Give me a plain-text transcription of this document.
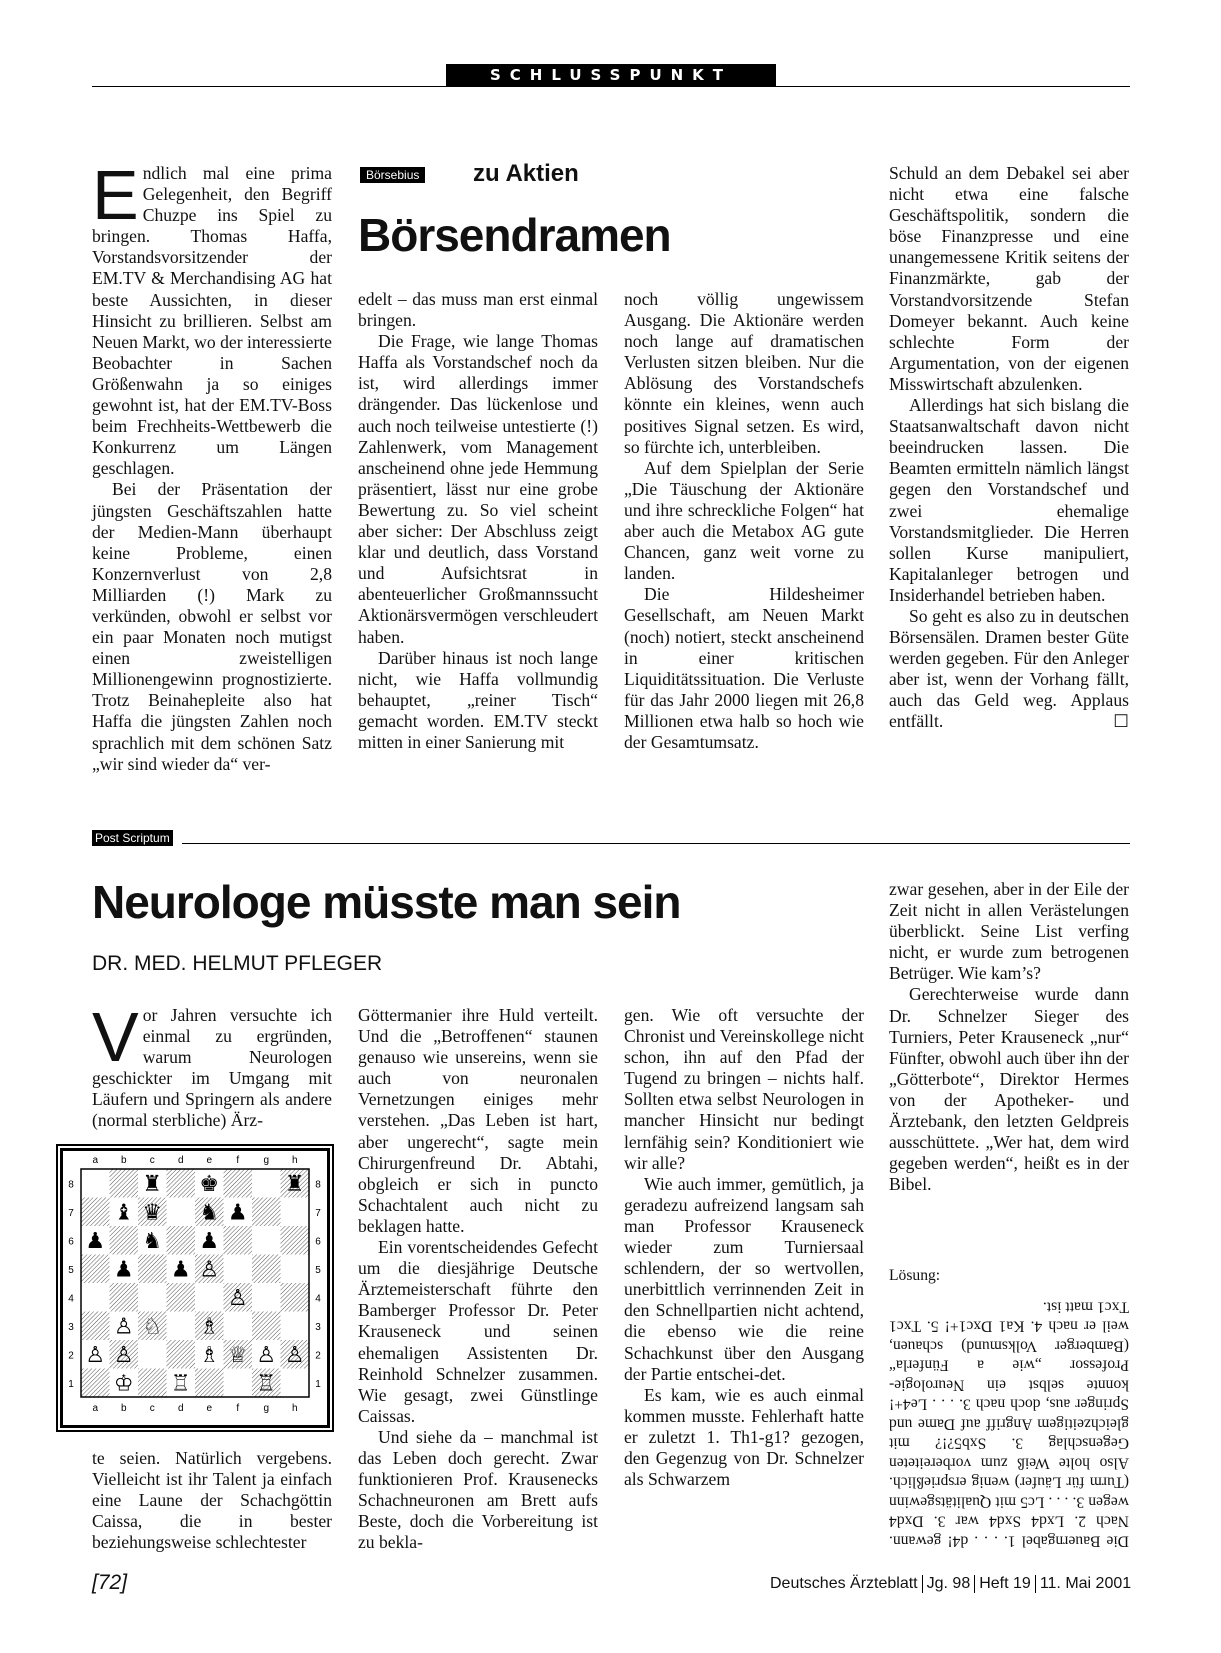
SCHLUSSPUNKT
E ndlich mal eine prima Gelegenheit, den Begriff Chuzpe ins Spiel zu bringen. Thomas Haffa, Vorstandsvorsitzender der EM.TV & Merchandising AG hat beste Aussichten, in dieser Hinsicht zu brillieren. Selbst am Neuen Markt, wo der interessierte Beobachter in Sachen Größenwahn ja so einiges gewohnt ist, hat der EM.TV-Boss beim Frechheits-Wettbewerb die Konkurrenz um Längen geschlagen.

Bei der Präsentation der jüngsten Geschäftszahlen hatte der Medien-Mann überhaupt keine Probleme, einen Konzernverlust von 2,8 Milliarden (!) Mark zu verkünden, obwohl er selbst vor ein paar Monaten noch mutigst einen zweistelligen Millionengewinn prognostizierte. Trotz Beinahepleite also hat Haffa die jüngsten Zahlen noch sprachlich mit dem schönen Satz „wir sind wieder da“ ver-

Börsebius zu Aktien
Börsendramen

edelt – das muss man erst einmal bringen.

Die Frage, wie lange Thomas Haffa als Vorstandschef noch da ist, wird allerdings immer drängender. Das lückenlose und auch noch teilweise untestierte (!) Zahlenwerk, vom Management anscheinend ohne jede Hemmung präsentiert, lässt nur eine grobe Bewertung zu. So viel scheint aber sicher: Der Abschluss zeigt klar und deutlich, dass Vorstand und Aufsichtsrat in abenteuerlicher Großmannssucht Aktionärsvermögen verschleudert haben.

Darüber hinaus ist noch lange nicht, wie Haffa vollmundig behauptet, „reiner Tisch“ gemacht worden. EM.TV steckt mitten in einer Sanierung mit

noch völlig ungewissem Ausgang. Die Aktionäre werden noch lange auf dramatischen Verlusten sitzen bleiben. Nur die Ablösung des Vorstandschefs könnte ein kleines, wenn auch positives Signal setzen. Es wird, so fürchte ich, unterbleiben.

Auf dem Spielplan der Serie „Die Täuschung der Aktionäre und ihre schreckliche Folgen“ hat aber auch die Metabox AG gute Chancen, ganz weit vorne zu landen.

Die Hildesheimer Gesellschaft, am Neuen Markt (noch) notiert, steckt anscheinend in einer kritischen Liquiditätssituation. Die Verluste für das Jahr 2000 liegen mit 26,8 Millionen etwa halb so hoch wie der Gesamtumsatz.

Schuld an dem Debakel sei aber nicht etwa eine falsche Geschäftspolitik, sondern die böse Finanzpresse und eine unangemessene Kritik seitens der Finanzmärkte, gab der Vorstandvorsitzende Stefan Domeyer bekannt. Auch keine schlechte Form der Argumentation, von der eigenen Misswirtschaft abzulenken.

Allerdings hat sich bislang die Staatsanwaltschaft davon nicht beeindrucken lassen. Die Beamten ermitteln nämlich längst gegen den Vorstandschef und zwei ehemalige Vorstandsmitglieder. Die Herren sollen Kurse manipuliert, Kapitalanleger betrogen und Insiderhandel betrieben haben.

So geht es also zu in deutschen Börsensälen. Dramen bester Güte werden gegeben. Für den Anleger aber ist, wenn der Vorhang fällt, auch das Geld weg. Applaus entfällt.	☐

Post Scriptum
Neurologe müsste man sein
DR. MED. HELMUT PFLEGER
V or Jahren versuchte ich einmal zu ergründen, warum Neurologen geschickter im Umgang mit Läufern und Springern als andere (normal sterbliche) Ärz-

♜ ♚	♜
♝ ♛ ♞ ♟
♟ ♞ ♟
♟ ♟ ♙
♙
♙ ♘ ♗
♙ ♙	♗ ♕ ♙ ♙
♔ ♖	♖
a
a
b
b
c
c
d
d
e
e
f
f
g
g
h
h
8	8
7	7
6	6
5	5
4	4
3	3
2	2
1	1

te seien. Natürlich vergebens. Vielleicht ist ihr Talent ja einfach eine Laune der Schachgöttin Caissa, die in bester beziehungsweise schlechtester

Göttermanier ihre Huld verteilt. Und die „Betroffenen“ staunen genauso wie unsereins, wenn sie auch von neuronalen Vernetzungen einiges mehr verstehen. „Das Leben ist hart, aber ungerecht“, sagte mein Chirurgenfreund Dr. Abtahi, obgleich er sich in puncto Schachtalent auch nicht zu beklagen hatte.

Ein vorentscheidendes Gefecht um die diesjährige Deutsche Ärztemeisterschaft führte den Bamberger Professor Dr. Peter Krauseneck und seinen ehemaligen Assistenten Dr. Reinhold Schnelzer zusammen. Wie gesagt, zwei Günstlinge Caissas.

Und siehe da – manchmal ist das Leben doch gerecht. Zwar funktionieren Prof. Krausenecks Schachneuronen am Brett aufs Beste, doch die Vorbereitung ist zu bekla-

gen. Wie oft versuchte der Chronist und Vereinskollege nicht schon, ihn auf den Pfad der Tugend zu bringen – nichts half. Sollten etwa selbst Neurologen in mancher Hinsicht nur bedingt lernfähig sein? Konditioniert wie wir alle?

Wie auch immer, gemütlich, ja geradezu aufreizend langsam sah man Professor Krauseneck wieder zum Turniersaal schlendern, der so wertvollen, unerbittlich verrinnenden Zeit in den Schnellpartien nicht achtend, die ebenso wie die reine Schachkunst über den Ausgang der Partie entschei-det.

Es kam, wie es auch einmal kommen musste. Fehlerhaft hatte er zuletzt 1. Th1-g1? gezogen, den Gegenzug von Dr. Schnelzer als Schwarzem

zwar gesehen, aber in der Eile der Zeit nicht in allen Verästelungen überblickt. Seine List verfing nicht, er wurde zum betrogenen Betrüger. Wie kam’s?

Gerechterweise wurde dann Dr. Schnelzer Sieger des Turniers, Peter Krauseneck „nur“ Fünfter, obwohl auch über ihn der „Götterbote“, Direktor Hermes von der Apotheker- und Ärztebank, den letzten Geldpreis ausschüttete. „Wer hat, dem wird gegeben werden“, heißt es in der Bibel.

Lösung:
Die Bauerngabel 1. . . . d4! gewann. Nach 2. Lxd4 Sxd4 war 3. Dxd4 wegen 3. . . . Lc5 mit Qualitätsgewinn (Turm für Läufer) wenig ersprießlich. Also holte Weiß zum vorbereiteten Gegenschlag 3. Sxb5?!? mit gleichzeitigem Angriff auf Dame und Springer aus, doch nach 3. . . . Le4+! konnte selbst ein Neurologie-Professor „wie a Fünferla“ (Bamberger Volksmund) schauen, weil er nach 4. Ka1 Dxc1+! 5. Txc1 Txc1 matt ist.
[72]	Deutsches Ärzteblatt Jg. 98 Heft 19 11. Mai 2001
